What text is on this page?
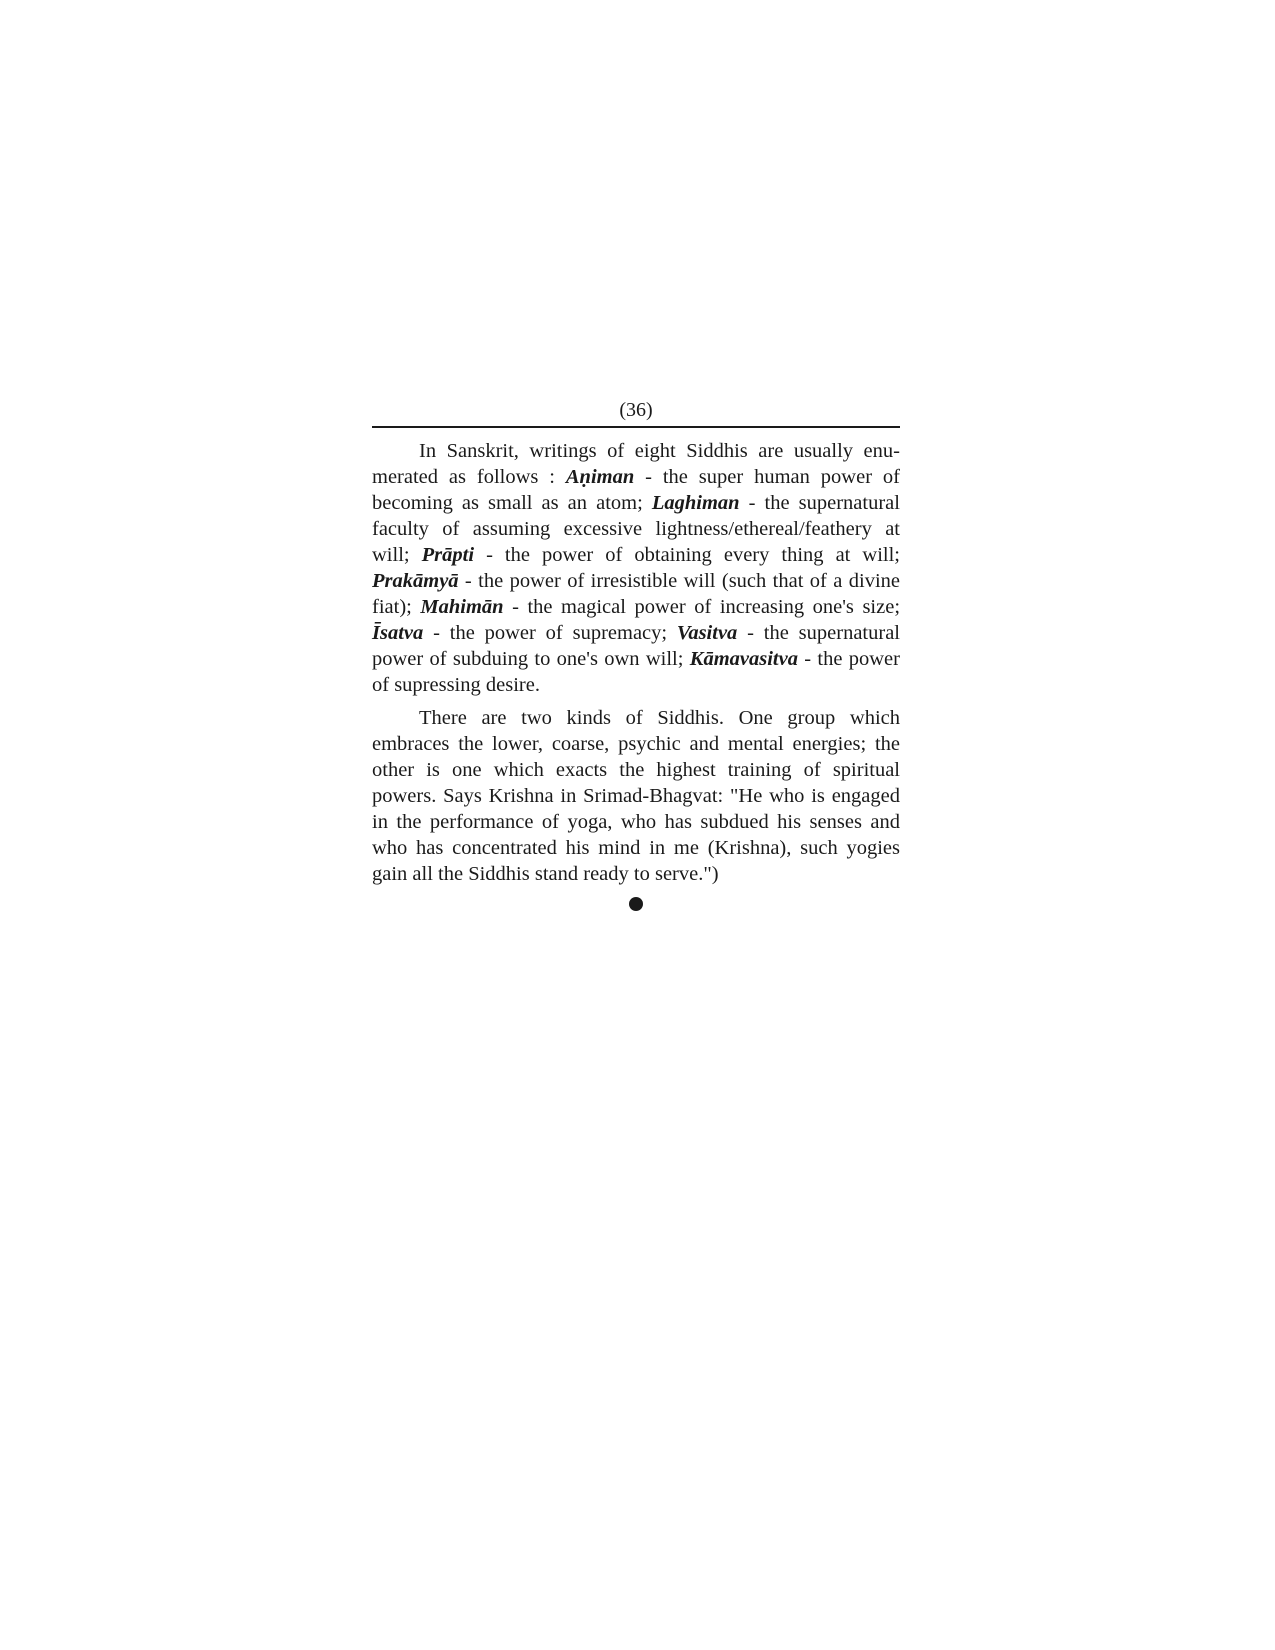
(36)

In Sanskrit, writings of eight Siddhis are usually enumerated as follows : Aṇiman - the super human power of becoming as small as an atom; Laghiman - the supernatural faculty of assuming excessive lightness/ethereal/feathery at will; Prāpti - the power of obtaining every thing at will; Prakāmyā - the power of irresistible will (such that of a divine fiat); Mahimān - the magical power of increasing one's size; Īsatva - the power of supremacy; Vasitva - the supernatural power of subduing to one's own will; Kāmavasitva - the power of supressing desire.

There are two kinds of Siddhis. One group which embraces the lower, coarse, psychic and mental energies; the other is one which exacts the highest training of spiritual powers. Says Krishna in Srimad-Bhagvat: "He who is engaged in the performance of yoga, who has subdued his senses and who has concentrated his mind in me (Krishna), such yogies gain all the Siddhis stand ready to serve.")
